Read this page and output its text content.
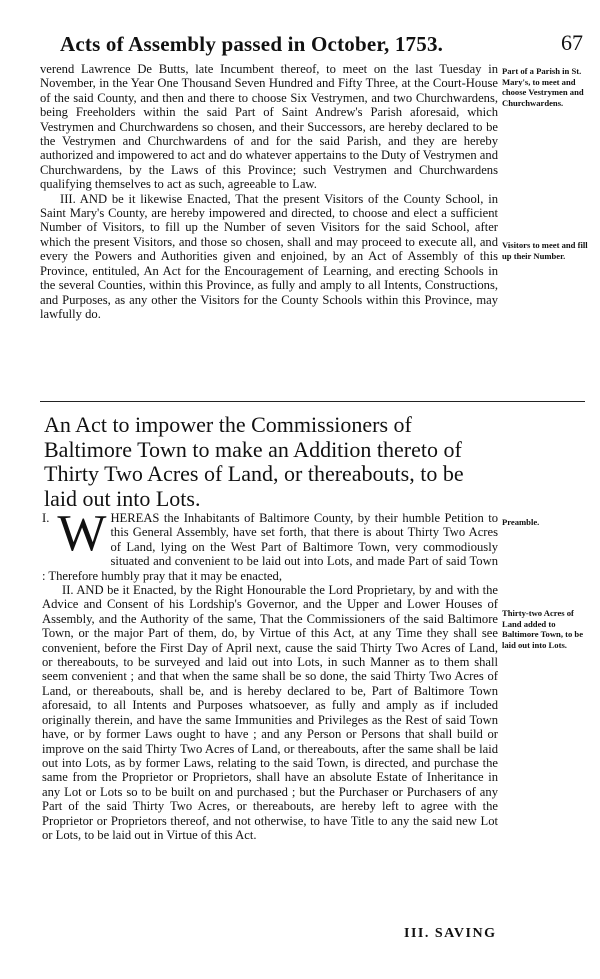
Acts of Assembly passed in October, 1753.	67

verend Lawrence De Butts, late Incumbent thereof, to meet on the last Tuesday in November, in the Year One Thousand Seven Hundred and Fifty Three, at the Court-House of the said County, and then and there to choose Six Vestrymen, and two Churchwardens, being Freeholders within the said Part of Saint Andrew's Parish aforesaid, which Vestrymen and Churchwardens so chosen, and their Successors, are hereby declared to be the Vestrymen and Churchwardens of and for the said Parish, and they are hereby authorized and impowered to act and do whatever appertains to the Duty of Vestrymen and Churchwardens, by the Laws of this Province; such Vestrymen and Churchwardens qualifying themselves to act as such, agreeable to Law.

III. AND be it likewise Enacted, That the present Visitors of the County School, in Saint Mary's County, are hereby impowered and directed, to choose and elect a sufficient Number of Visitors, to fill up the Number of seven Visitors for the said School, after which the present Visitors, and those so chosen, shall and may proceed to execute all, and every the Powers and Authorities given and enjoined, by an Act of Assembly of this Province, entituled, An Act for the Encouragement of Learning, and erecting Schools in the several Counties, within this Province, as fully and amply to all Intents, Constructions, and Purposes, as any other the Visitors for the County Schools within this Province, may lawfully do.

Part of a Parish in St. Mary's, to meet and choose Vestrymen and Churchwardens.
Visitors to meet and fill up their Number.
An Act to impower the Commissioners of Baltimore Town to make an Addition thereto of Thirty Two Acres of Land, or thereabouts, to be laid out into Lots.

I. W HEREAS the Inhabitants of Baltimore County, by their humble Petition to this General Assembly, have set forth, that there is about Thirty Two Acres of Land, lying on the West Part of Baltimore Town, very commodiously situated and convenient to be laid out into Lots, and made Part of said Town : Therefore humbly pray that it may be enacted,

II. AND be it Enacted, by the Right Honourable the Lord Proprietary, by and with the Advice and Consent of his Lordship's Governor, and the Upper and Lower Houses of Assembly, and the Authority of the same, That the Commissioners of the said Baltimore Town, or the major Part of them, do, by Virtue of this Act, at any Time they shall see convenient, before the First Day of April next, cause the said Thirty Two Acres of Land, or thereabouts, to be surveyed and laid out into Lots, in such Manner as to them shall seem convenient ; and that when the same shall be so done, the said Thirty Two Acres of Land, or thereabouts, shall be, and is hereby declared to be, Part of Baltimore Town aforesaid, to all Intents and Purposes whatsoever, as fully and amply as if included originally therein, and have the same Immunities and Privileges as the Rest of said Town have, or by former Laws ought to have ; and any Person or Persons that shall build or improve on the said Thirty Two Acres of Land, or thereabouts, after the same shall be laid out into Lots, as by former Laws, relating to the said Town, is directed, and purchase the same from the Proprietor or Proprietors, shall have an absolute Estate of Inheritance in any Lot or Lots so to be built on and purchased ; but the Purchaser or Purchasers of any Part of the said Thirty Two Acres, or thereabouts, are hereby left to agree with the Proprietor or Proprietors thereof, and not otherwise, to have Title to any the said new Lot or Lots, to be laid out in Virtue of this Act.

Preamble.
Thirty-two Acres of Land added to Baltimore Town, to be laid out into Lots.
III. SAVING
